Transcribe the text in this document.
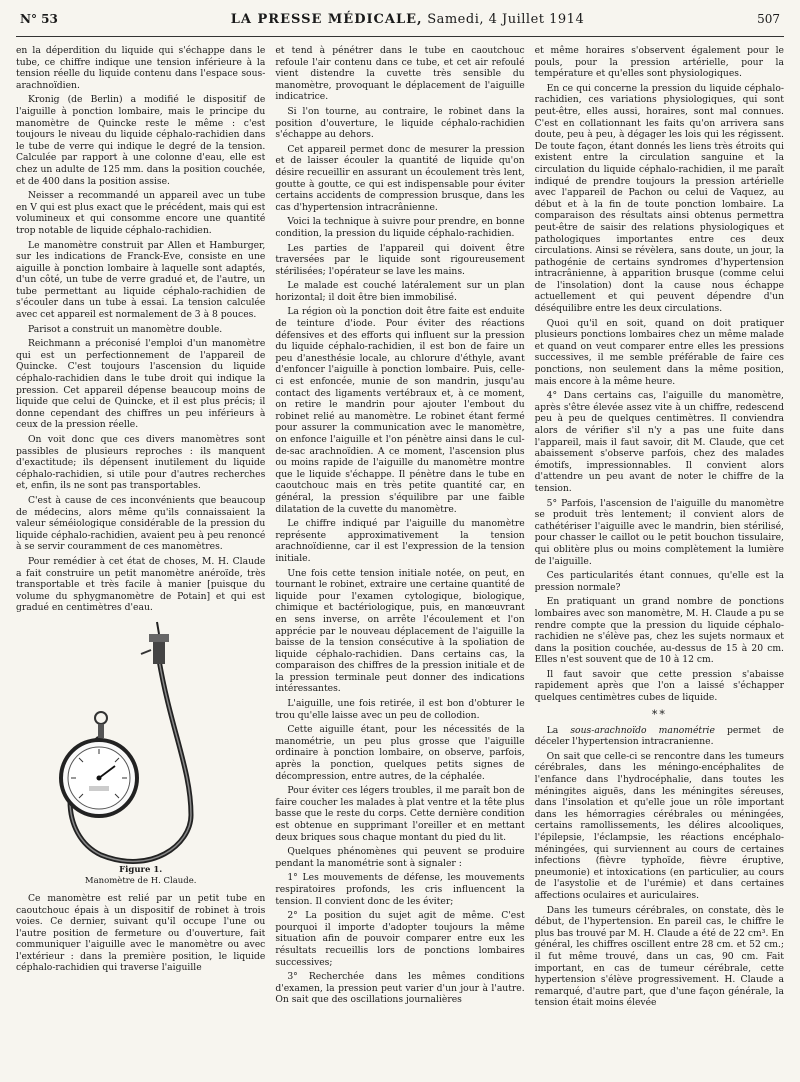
N° 53	LA PRESSE MÉDICALE, Samedi, 4 Juillet 1914	507

en la déperdition du liquide qui s'échappe dans le tube, ce chiffre indique une tension inférieure à la tension réelle du liquide contenu dans l'espace sous-arachnoïdien.

Kronig (de Berlin) a modifié le dispositif de l'aiguille à ponction lombaire, mais le principe du manomètre de Quincke reste le même : c'est toujours le niveau du liquide céphalo-rachidien dans le tube de verre qui indique le degré de la tension. Calculée par rapport à une colonne d'eau, elle est chez un adulte de 125 mm. dans la position couchée, et de 400 dans la position assise.

Neisser a recommandé un appareil avec un tube en V qui est plus exact que le précédent, mais qui est volumineux et qui consomme encore une quantité trop notable de liquide céphalo-rachidien.

Le manomètre construit par Allen et Hamburger, sur les indications de Franck-Eve, consiste en une aiguille à ponction lombaire à laquelle sont adaptés, d'un côté, un tube de verre gradué et, de l'autre, un tube permettant au liquide céphalo-rachidien de s'écouler dans un tube à essai. La tension calculée avec cet appareil est normalement de 3 à 8 pouces.

Parisot a construit un manomètre double.

Reichmann a préconisé l'emploi d'un manomètre qui est un perfectionnement de l'appareil de Quincke. C'est toujours l'ascension du liquide céphalo-rachidien dans le tube droit qui indique la pression. Cet appareil dépense beaucoup moins de liquide que celui de Quincke, et il est plus précis; il donne cependant des chiffres un peu inférieurs à ceux de la pression réelle.

On voit donc que ces divers manomètres sont passibles de plusieurs reproches : ils manquent d'exactitude; ils dépensent inutilement du liquide céphalo-rachidien, si utile pour d'autres recherches et, enfin, ils ne sont pas transportables.

C'est à cause de ces inconvénients que beaucoup de médecins, alors même qu'ils connaissaient la valeur séméiologique considérable de la pression du liquide céphalo-rachidien, avaient peu à peu renoncé à se servir couramment de ces manomètres.

Pour remédier à cet état de choses, M. H. Claude a fait construire un petit manomètre anéroïde, très transportable et très facile à manier [puisque du volume du sphygmanomètre de Potain] et qui est gradué en centimètres d'eau.

Figure 1.
Manomètre de H. Claude.

Ce manomètre est relié par un petit tube en caoutchouc épais à un dispositif de robinet à trois voies. Ce dernier, suivant qu'il occupe l'une ou l'autre position de fermeture ou d'ouverture, fait communiquer l'aiguille avec le manomètre ou avec l'extérieur : dans la première position, le liquide céphalo-rachidien qui traverse l'aiguille

et tend à pénétrer dans le tube en caoutchouc refoule l'air contenu dans ce tube, et cet air refoulé vient distendre la cuvette très sensible du manomètre, provoquant le déplacement de l'aiguille indicatrice.

Si l'on tourne, au contraire, le robinet dans la position d'ouverture, le liquide céphalo-rachidien s'échappe au dehors.

Cet appareil permet donc de mesurer la pression et de laisser écouler la quantité de liquide qu'on désire recueillir en assurant un écoulement très lent, goutte à goutte, ce qui est indispensable pour éviter certains accidents de compression brusque, dans les cas d'hypertension intracrânienne.

Voici la technique à suivre pour prendre, en bonne condition, la pression du liquide céphalo-rachidien.

Les parties de l'appareil qui doivent être traversées par le liquide sont rigoureusement stérilisées; l'opérateur se lave les mains.

Le malade est couché latéralement sur un plan horizontal; il doit être bien immobilisé.

La région où la ponction doit être faite est enduite de teinture d'iode. Pour éviter des réactions défensives et des efforts qui influent sur la pression du liquide céphalo-rachidien, il est bon de faire un peu d'anesthésie locale, au chlorure d'éthyle, avant d'enfoncer l'aiguille à ponction lombaire. Puis, celle-ci est enfoncée, munie de son mandrin, jusqu'au contact des ligaments vertébraux et, à ce moment, on retire le mandrin pour ajouter l'embout du robinet relié au manomètre. Le robinet étant fermé pour assurer la communication avec le manomètre, on enfonce l'aiguille et l'on pénètre ainsi dans le cul-de-sac arachnoïdien. A ce moment, l'ascension plus ou moins rapide de l'aiguille du manomètre montre que le liquide s'échappe. Il pénètre dans le tube en caoutchouc mais en très petite quantité car, en général, la pression s'équilibre par une faible dilatation de la cuvette du manomètre.

Le chiffre indiqué par l'aiguille du manomètre représente approximativement la tension arachnoïdienne, car il est l'expression de la tension initiale.

Une fois cette tension initiale notée, on peut, en tournant le robinet, extraire une certaine quantité de liquide pour l'examen cytologique, biologique, chimique et bactériologique, puis, en manœuvrant en sens inverse, on arrête l'écoulement et l'on apprécie par le nouveau déplacement de l'aiguille la baisse de la tension consécutive à la spoliation de liquide céphalo-rachidien. Dans certains cas, la comparaison des chiffres de la pression initiale et de la pression terminale peut donner des indications intéressantes.

L'aiguille, une fois retirée, il est bon d'obturer le trou qu'elle laisse avec un peu de collodion.

Cette aiguille étant, pour les nécessités de la manométrie, un peu plus grosse que l'aiguille ordinaire à ponction lombaire, on observe, parfois, après la ponction, quelques petits signes de décompression, entre autres, de la céphalée.

Pour éviter ces légers troubles, il me paraît bon de faire coucher les malades à plat ventre et la tête plus basse que le reste du corps. Cette dernière condition est obtenue en supprimant l'oreiller et en mettant deux briques sous chaque montant du pied du lit.

Quelques phénomènes qui peuvent se produire pendant la manométrie sont à signaler :

1° Les mouvements de défense, les mouvements respiratoires profonds, les cris influencent la tension. Il convient donc de les éviter;

2° La position du sujet agit de même. C'est pourquoi il importe d'adopter toujours la même situation afin de pouvoir comparer entre eux les résultats recueillis lors de ponctions lombaires successives;

3° Recherchée dans les mêmes conditions d'examen, la pression peut varier d'un jour à l'autre. On sait que des oscillations journalières

et même horaires s'observent également pour le pouls, pour la pression artérielle, pour la température et qu'elles sont physiologiques.

En ce qui concerne la pression du liquide céphalo-rachidien, ces variations physiologiques, qui sont peut-être, elles aussi, horaires, sont mal connues. C'est en collationnant les faits qu'on arrivera sans doute, peu à peu, à dégager les lois qui les régissent. De toute façon, étant donnés les liens très étroits qui existent entre la circulation sanguine et la circulation du liquide céphalo-rachidien, il me paraît indiqué de prendre toujours la pression artérielle avec l'appareil de Pachon ou celui de Vaquez, au début et à la fin de toute ponction lombaire. La comparaison des résultats ainsi obtenus permettra peut-être de saisir des relations physiologiques et pathologiques importantes entre ces deux circulations. Ainsi se révèlera, sans doute, un jour, la pathogénie de certains syndromes d'hypertension intracrânienne, à apparition brusque (comme celui de l'insolation) dont la cause nous échappe actuellement et qui peuvent dépendre d'un déséquilibre entre les deux circulations.

Quoi qu'il en soit, quand on doit pratiquer plusieurs ponctions lombaires chez un même malade et quand on veut comparer entre elles les pressions successives, il me semble préférable de faire ces ponctions, non seulement dans la même position, mais encore à la même heure.

4° Dans certains cas, l'aiguille du manomètre, après s'être élevée assez vite à un chiffre, redescend peu à peu de quelques centimètres. Il conviendra alors de vérifier s'il n'y a pas une fuite dans l'appareil, mais il faut savoir, dit M. Claude, que cet abaissement s'observe parfois, chez des malades émotifs, impressionnables. Il convient alors d'attendre un peu avant de noter le chiffre de la tension.

5° Parfois, l'ascension de l'aiguille du manomètre se produit très lentement; il convient alors de cathétériser l'aiguille avec le mandrin, bien stérilisé, pour chasser le caillot ou le petit bouchon tissulaire, qui oblitère plus ou moins complètement la lumière de l'aiguille.

Ces particularités étant connues, qu'elle est la pression normale?

En pratiquant un grand nombre de ponctions lombaires avec son manomètre, M. H. Claude a pu se rendre compte que la pression du liquide céphalo-rachidien ne s'élève pas, chez les sujets normaux et dans la position couchée, au-dessus de 15 à 20 cm. Elles n'est souvent que de 10 à 12 cm.

Il faut savoir que cette pression s'abaisse rapidement après que l'on a laissé s'échapper quelques centimètres cubes de liquide.

**

La sous-arachnoïdo manométrie permet de déceler l'hypertension intracranienne.

On sait que celle-ci se rencontre dans les tumeurs cérébrales, dans les méningo-encéphalites de l'enfance dans l'hydrocéphalie, dans toutes les méningites aiguës, dans les méningites séreuses, dans l'insolation et qu'elle joue un rôle important dans les hémorragies cérébrales ou méningées, certains ramollissements, les délires alcooliques, l'épilepsie, l'éclampsie, les réactions encéphalo-méningées, qui surviennent au cours de certaines infections (fièvre typhoïde, fièvre éruptive, pneumonie) et intoxications (en particulier, au cours de l'asystolie et de l'urémie) et dans certaines affections oculaires et auriculaires.

Dans les tumeurs cérébrales, on constate, dès le début, de l'hypertension. En pareil cas, le chiffre le plus bas trouvé par M. H. Claude a été de 22 cm³. En général, les chiffres oscillent entre 28 cm. et 52 cm.; il fut même trouvé, dans un cas, 90 cm. Fait important, en cas de tumeur cérébrale, cette hypertension s'élève progressivement. H. Claude a remarqué, d'autre part, que d'une façon générale, la tension était moins élevée
